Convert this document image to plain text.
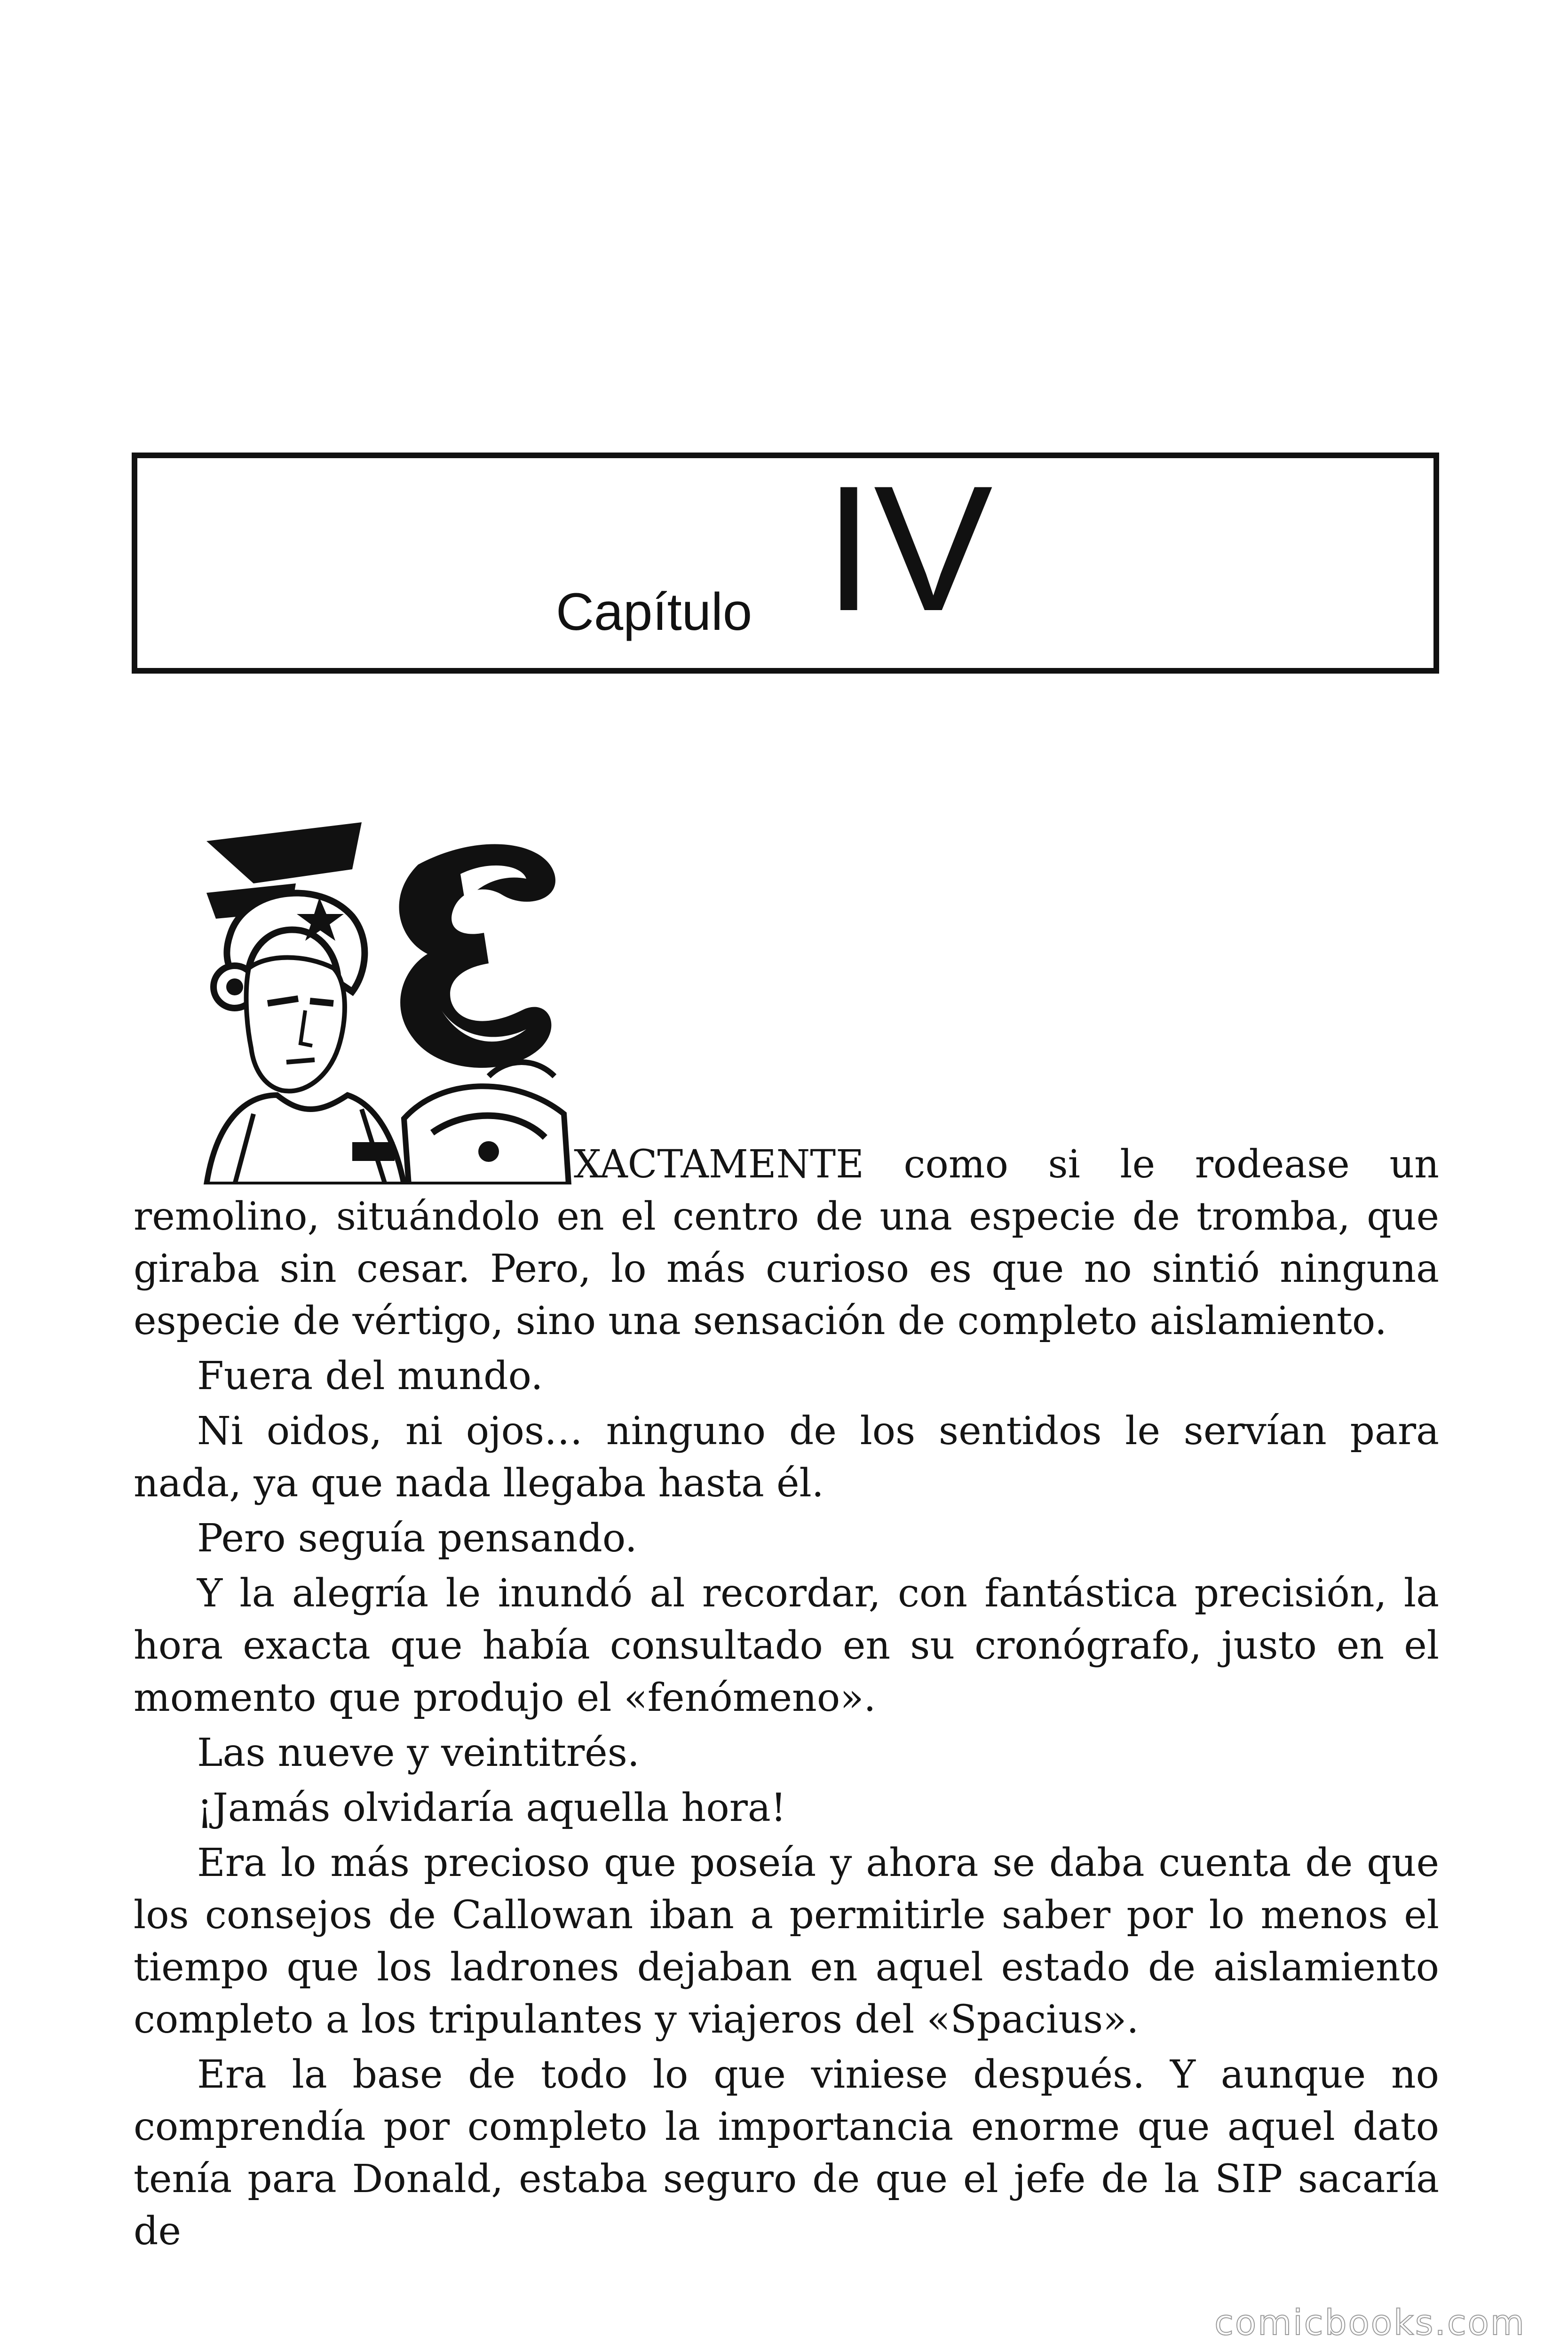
Capítulo IV

XACTAMENTE como si le rodease un remolino, situándolo en el centro de una especie de tromba, que giraba sin cesar. Pero, lo más curioso es que no sintió ninguna especie de vértigo, sino una sensación de completo aislamiento.

Fuera del mundo.

Ni oidos, ni ojos… ninguno de los sentidos le servían para nada, ya que nada llegaba hasta él.

Pero seguía pensando.

Y la alegría le inundó al recordar, con fantástica precisión, la hora exacta que había consultado en su cronógrafo, justo en el momento que produjo el «fenómeno».

Las nueve y veintitrés.

¡Jamás olvidaría aquella hora!

Era lo más precioso que poseía y ahora se daba cuenta de que los consejos de Callowan iban a permitirle saber por lo menos el tiempo que los ladrones dejaban en aquel estado de aislamiento completo a los tripulantes y viajeros del «Spacius».

Era la base de todo lo que viniese después. Y aunque no comprendía por completo la importancia enorme que aquel dato tenía para Donald, estaba seguro de que el jefe de la SIP sacaría de

comicbooks.com
